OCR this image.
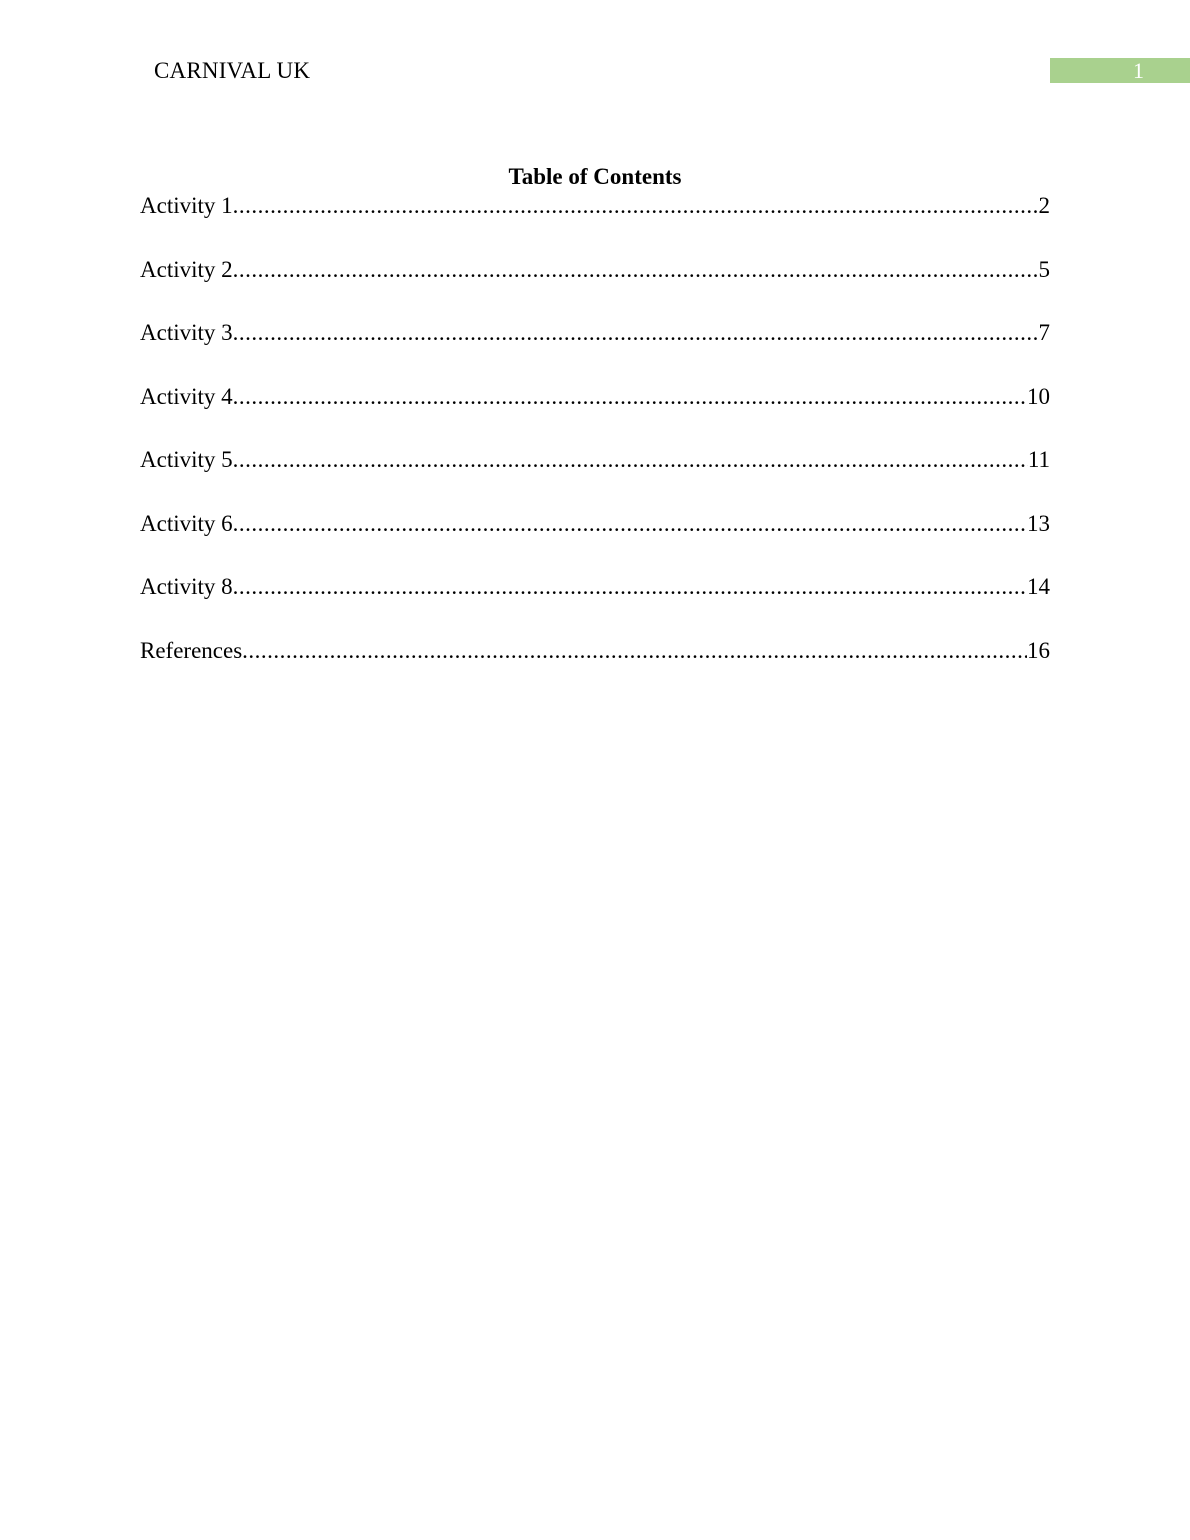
CARNIVAL UK	1
Table of Contents
Activity 1 .....	2
Activity 2 .....	5
Activity 3 .....	7
Activity 4 .....	10
Activity 5 .....	11
Activity 6 .....	13
Activity 8 .....	14
References .....	16
